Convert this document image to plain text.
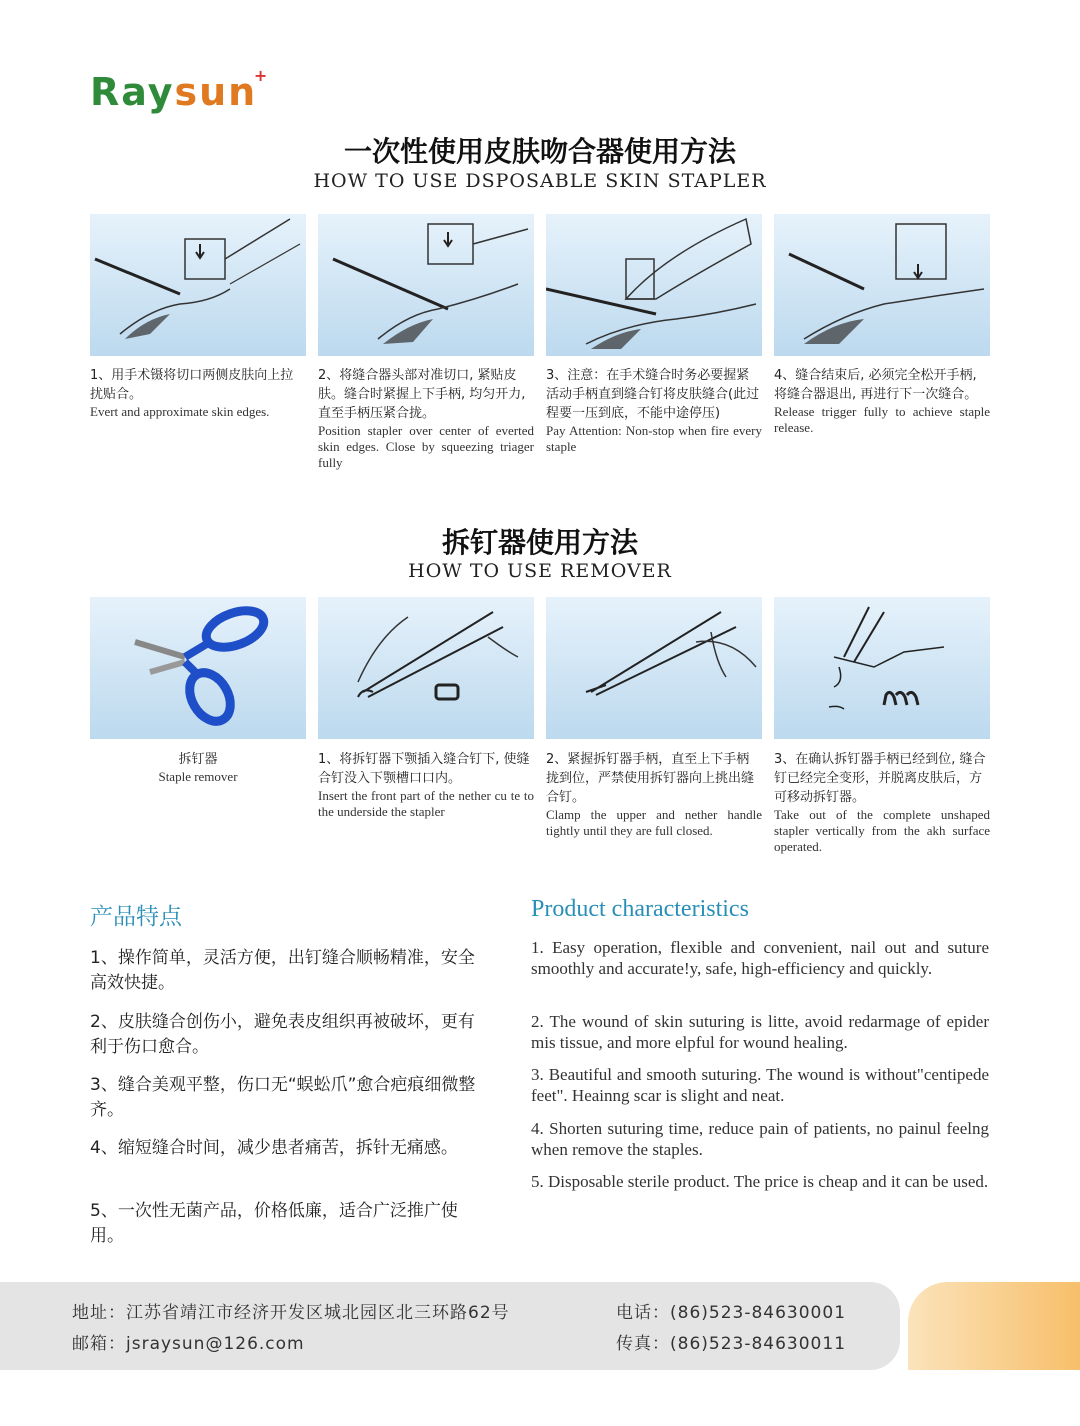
Raysun
+
一次性使用皮肤吻合器使用方法
HOW TO USE DSPOSABLE SKIN STAPLER
1、用手术镊将切口两侧皮肤向上拉扰贴合。
Evert and approximate skin edges.
2、将缝合器头部对准切口, 紧贴皮肤。缝合时紧握上下手柄, 均匀开力, 直至手柄压紧合拢。
Position stapler over center of everted skin edges. Close by squeezing triager fully
3、注意：在手术缝合时务必要握紧活动手柄直到缝合钉将皮肤缝合(此过程要一压到底，不能中途停压)
Pay Attention: Non-stop when fire every staple
4、缝合结束后, 必须完全松开手柄, 将缝合器退出, 再进行下一次缝合。
Release trigger fully to achieve staple release.
拆钉器使用方法
HOW TO USE REMOVER
拆钉器
Staple remover
1、将拆钉器下颚插入缝合钉下, 使缝合钉没入下颚槽口口内。
Insert the front part of the nether cu te to the underside the stapler
2、紧握拆钉器手柄，直至上下手柄拢到位，严禁使用拆钉器向上挑出缝合钉。
Clamp the upper and nether handle tightly until they are full closed.
3、在确认拆钉器手柄已经到位, 缝合钉已经完全变形，并脱离皮肤后，方可移动拆钉器。
Take out of the complete unshaped stapler vertically from the akh surface operated.
产品特点	Product characteristics
1、操作简单，灵活方便，出钉缝合顺畅精准，安全高效快捷。
2、皮肤缝合创伤小，避免表皮组织再被破坏，更有利于伤口愈合。
3、缝合美观平整，伤口无“蜈蚣爪”愈合疤痕细微整齐。
4、缩短缝合时间，减少患者痛苦，拆针无痛感。
5、一次性无菌产品，价格低廉，适合广泛推广使用。
1. Easy operation, flexible and convenient, nail out and suture smoothly and accurate!y, safe, high-efficiency and quickly.
2. The wound of skin suturing is litte, avoid redarmage of epider mis tissue, and more elpful for wound healing.
3. Beautiful and smooth suturing. The wound is without"centipede feet". Heainng scar is slight and neat.
4. Shorten suturing time, reduce pain of patients, no painul feelng when remove the staples.
5. Disposable sterile product. The price is cheap and it can be used.
地址：江苏省靖江市经济开发区城北园区北三环路62号
邮箱：jsraysun@126.com
电话：(86)523-84630001
传真：(86)523-84630011
